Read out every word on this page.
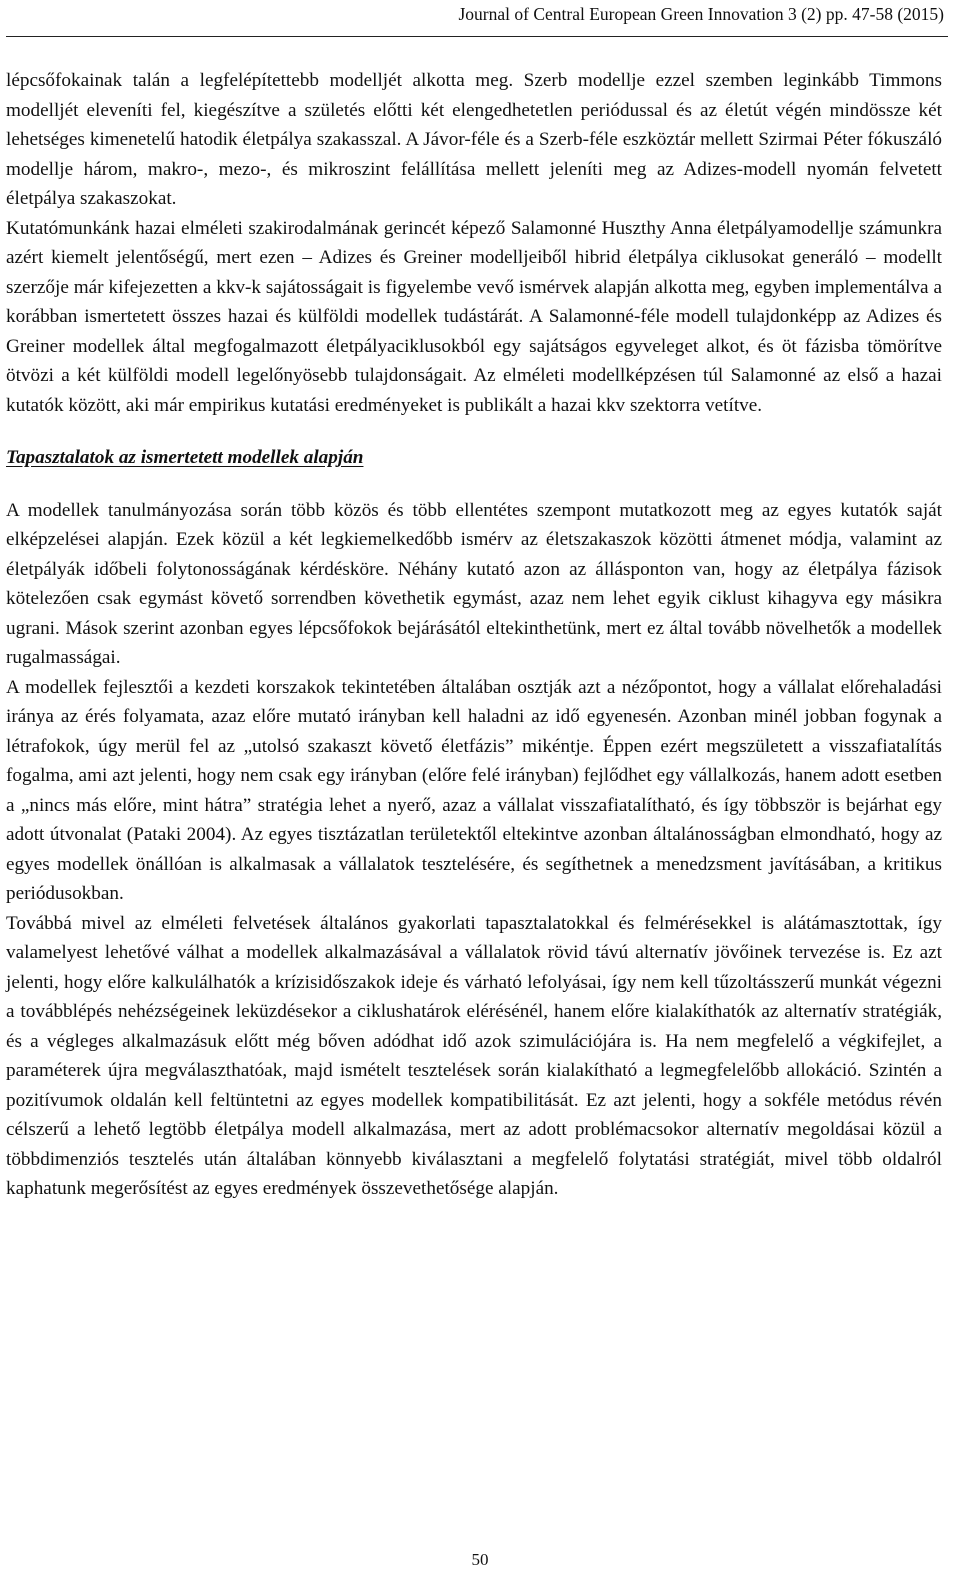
Journal of Central European Green Innovation 3 (2) pp. 47-58 (2015)

lépcsőfokainak talán a legfelépítettebb modelljét alkotta meg. Szerb modellje ezzel szemben leginkább Timmons modelljét eleveníti fel, kiegészítve a születés előtti két elengedhetetlen periódussal és az életút végén mindössze két lehetséges kimenetelű hatodik életpálya szakasszal. A Jávor-féle és a Szerb-féle eszköztár mellett Szirmai Péter fókuszáló modellje három, makro-, mezo-, és mikroszint felállítása mellett jeleníti meg az Adizes-modell nyomán felvetett életpálya szakaszokat.

Kutatómunkánk hazai elméleti szakirodalmának gerincét képező Salamonné Huszthy Anna életpályamodellje számunkra azért kiemelt jelentőségű, mert ezen – Adizes és Greiner modelljeiből hibrid életpálya ciklusokat generáló – modellt szerzője már kifejezetten a kkv-k sajátosságait is figyelembe vevő ismérvek alapján alkotta meg, egyben implementálva a korábban ismertetett összes hazai és külföldi modellek tudástárát. A Salamonné-féle modell tulajdonképp az Adizes és Greiner modellek által megfogalmazott életpályaciklusokból egy sajátságos egyveleget alkot, és öt fázisba tömörítve ötvözi a két külföldi modell legelőnyösebb tulajdonságait. Az elméleti modellképzésen túl Salamonné az első a hazai kutatók között, aki már empirikus kutatási eredményeket is publikált a hazai kkv szektorra vetítve.

Tapasztalatok az ismertetett modellek alapján

A modellek tanulmányozása során több közös és több ellentétes szempont mutatkozott meg az egyes kutatók saját elképzelései alapján. Ezek közül a két legkiemelkedőbb ismérv az életszakaszok közötti átmenet módja, valamint az életpályák időbeli folytonosságának kérdésköre. Néhány kutató azon az állásponton van, hogy az életpálya fázisok kötelezően csak egymást követő sorrendben követhetik egymást, azaz nem lehet egyik ciklust kihagyva egy másikra ugrani. Mások szerint azonban egyes lépcsőfokok bejárásától eltekinthetünk, mert ez által tovább növelhetők a modellek rugalmasságai.

A modellek fejlesztői a kezdeti korszakok tekintetében általában osztják azt a nézőpontot, hogy a vállalat előrehaladási iránya az érés folyamata, azaz előre mutató irányban kell haladni az idő egyenesén. Azonban minél jobban fogynak a létrafokok, úgy merül fel az „utolsó szakaszt követő életfázis” mikéntje. Éppen ezért megszületett a visszafiatalítás fogalma, ami azt jelenti, hogy nem csak egy irányban (előre felé irányban) fejlődhet egy vállalkozás, hanem adott esetben a „nincs más előre, mint hátra” stratégia lehet a nyerő, azaz a vállalat visszafiatalítható, és így többször is bejárhat egy adott útvonalat (Pataki 2004). Az egyes tisztázatlan területektől eltekintve azonban általánosságban elmondható, hogy az egyes modellek önállóan is alkalmasak a vállalatok tesztelésére, és segíthetnek a menedzsment javításában, a kritikus periódusokban.

Továbbá mivel az elméleti felvetések általános gyakorlati tapasztalatokkal és felmérésekkel is alátámasztottak, így valamelyest lehetővé válhat a modellek alkalmazásával a vállalatok rövid távú alternatív jövőinek tervezése is. Ez azt jelenti, hogy előre kalkulálhatók a krízisidőszakok ideje és várható lefolyásai, így nem kell tűzoltásszerű munkát végezni a továbblépés nehézségeinek leküzdésekor a ciklushatárok elérésénél, hanem előre kialakíthatók az alternatív stratégiák, és a végleges alkalmazásuk előtt még bőven adódhat idő azok szimulációjára is. Ha nem megfelelő a végkifejlet, a paraméterek újra megválaszthatóak, majd ismételt tesztelések során kialakítható a legmegfelelőbb allokáció. Szintén a pozitívumok oldalán kell feltüntetni az egyes modellek kompatibilitását. Ez azt jelenti, hogy a sokféle metódus révén célszerű a lehető legtöbb életpálya modell alkalmazása, mert az adott problémacsokor alternatív megoldásai közül a többdimenziós tesztelés után általában könnyebb kiválasztani a megfelelő folytatási stratégiát, mivel több oldalról kaphatunk megerősítést az egyes eredmények összevethetősége alapján.

50
